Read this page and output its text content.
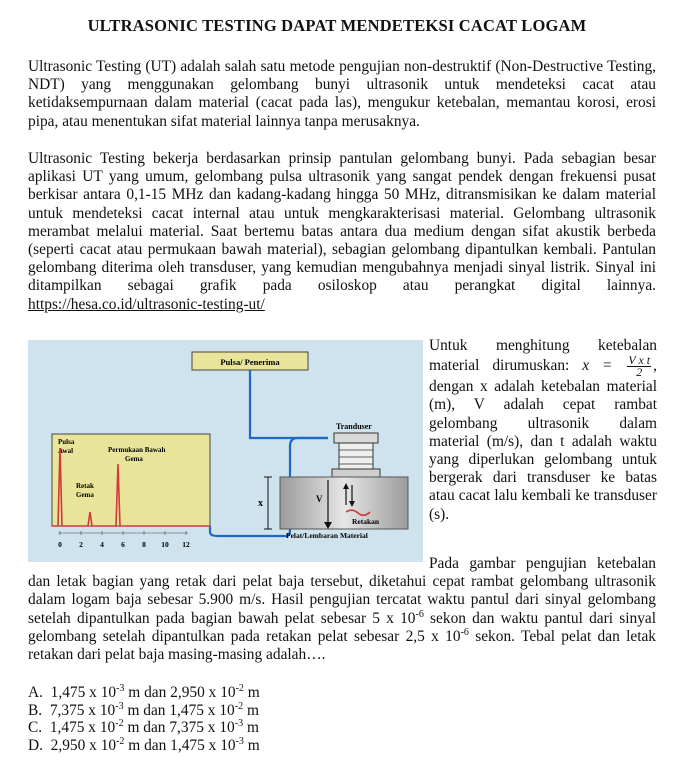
ULTRASONIC TESTING DAPAT MENDETEKSI CACAT LOGAM
Ultrasonic Testing (UT) adalah salah satu metode pengujian non-destruktif (Non-Destructive Testing, NDT) yang menggunakan gelombang bunyi ultrasonik untuk mendeteksi cacat atau ketidaksempurnaan dalam material (cacat pada las), mengukur ketebalan, memantau korosi, erosi pipa, atau menentukan sifat material lainnya tanpa merusaknya.
Ultrasonic Testing bekerja berdasarkan prinsip pantulan gelombang bunyi. Pada sebagian besar aplikasi UT yang umum, gelombang pulsa ultrasonik yang sangat pendek dengan frekuensi pusat berkisar antara 0,1-15 MHz dan kadang-kadang hingga 50 MHz, ditransmisikan ke dalam material untuk mendeteksi cacat internal atau untuk mengkarakterisasi material. Gelombang ultrasonik merambat melalui material. Saat bertemu batas antara dua medium dengan sifat akustik berbeda (seperti cacat atau permukaan bawah material), sebagian gelombang dipantulkan kembali. Pantulan gelombang diterima oleh transduser, yang kemudian mengubahnya menjadi sinyal listrik. Sinyal ini ditampilkan sebagai grafik pada osiloskop atau perangkat digital lainnya. https://hesa.co.id/ultrasonic-testing-ut/
Pulsa/ Penerima
Pulsa
Awal	Permukaan Bawah
Gema
Retak
Gema
0 2 4 6 8 10 12
Tranduser
Pelat/Lembaran Material
x	V
Retakan
Untuk menghitung ketebalan material dirumuskan: $x = \frac{\text{V x t}}{2}$ , dengan x adalah ketebalan material (m), V adalah cepat rambat gelombang ultrasonik dalam material (m/s), dan t adalah waktu yang diperlukan gelombang untuk bergerak dari transduser ke batas atau cacat lalu kembali ke transduser (s).
Pada gambar pengujian ketebalan dan letak bagian yang retak dari pelat baja tersebut, diketahui cepat rambat gelombang ultrasonik dalam logam baja sebesar 5.900 m/s. Hasil pengujian tercatat waktu pantul dari sinyal gelombang setelah dipantulkan pada bagian bawah pelat sebesar 5 x $10^{-6}$ sekon dan waktu pantul dari sinyal gelombang setelah dipantulkan pada retakan pelat sebesar 2,5 x $10^{-6}$ sekon. Tebal pelat dan letak retakan dari pelat baja masing-masing adalah….
A. 1,475 x $10^{-3}$ m dan 2,950 x $10^{-2}$ m
B. 7,375 x $10^{-3}$ m dan 1,475 x $10^{-2}$ m
C. 1,475 x $10^{-2}$ m dan 7,375 x $10^{-3}$ m
D. 2,950 x $10^{-2}$ m dan 1,475 x $10^{-3}$ m
